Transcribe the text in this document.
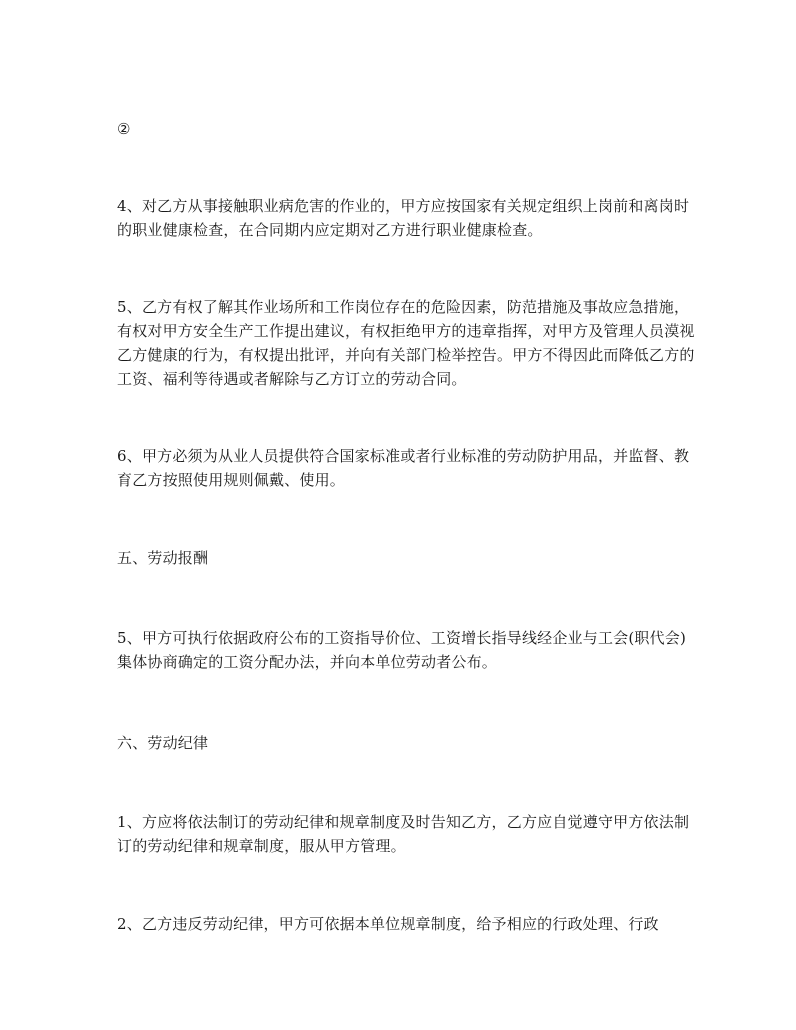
②

4、对乙方从事接触职业病危害的作业的，甲方应按国家有关规定组织上岗前和离岗时的职业健康检查，在合同期内应定期对乙方进行职业健康检查。

5、乙方有权了解其作业场所和工作岗位存在的危险因素，防范措施及事故应急措施，有权对甲方安全生产工作提出建议，有权拒绝甲方的违章指挥，对甲方及管理人员漠视乙方健康的行为，有权提出批评，并向有关部门检举控告。甲方不得因此而降低乙方的工资、福利等待遇或者解除与乙方订立的劳动合同。

6、甲方必须为从业人员提供符合国家标准或者行业标准的劳动防护用品，并监督、教育乙方按照使用规则佩戴、使用。

五、劳动报酬

5、甲方可执行依据政府公布的工资指导价位、工资增长指导线经企业与工会(职代会)集体协商确定的工资分配办法，并向本单位劳动者公布。

六、劳动纪律

1、方应将依法制订的劳动纪律和规章制度及时告知乙方，乙方应自觉遵守甲方依法制订的劳动纪律和规章制度，服从甲方管理。

2、乙方违反劳动纪律，甲方可依据本单位规章制度，给予相应的行政处理、行政
